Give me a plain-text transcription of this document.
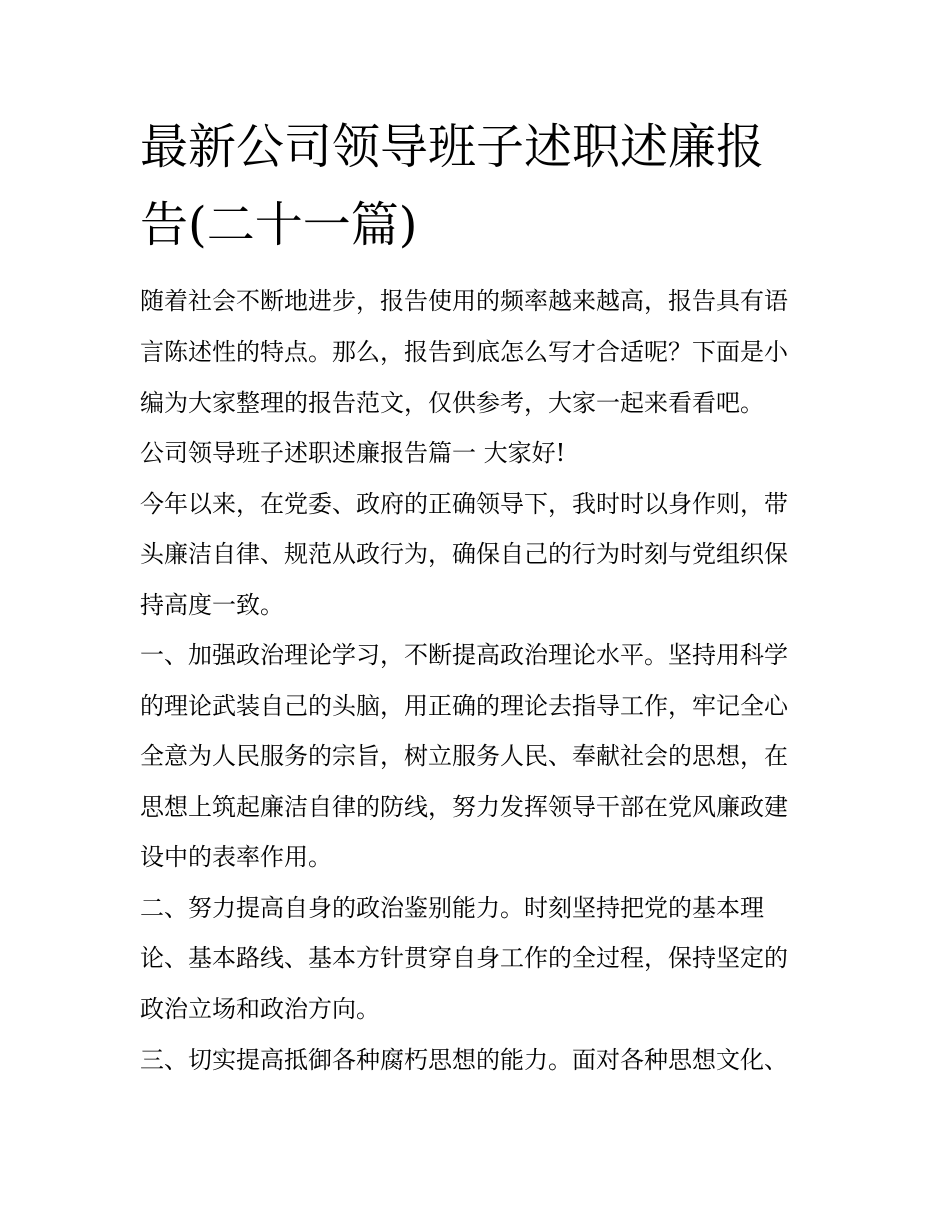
最新公司领导班子述职述廉报
告(二十一篇)

随着社会不断地进步，报告使用的频率越来越高，报告具有语

言陈述性的特点。那么，报告到底怎么写才合适呢？下面是小

编为大家整理的报告范文，仅供参考，大家一起来看看吧。

公司领导班子述职述廉报告篇一 大家好!

今年以来，在党委、政府的正确领导下，我时时以身作则，带

头廉洁自律、规范从政行为，确保自己的行为时刻与党组织保

持高度一致。

一、加强政治理论学习，不断提高政治理论水平。坚持用科学

的理论武装自己的头脑，用正确的理论去指导工作，牢记全心

全意为人民服务的宗旨，树立服务人民、奉献社会的思想，在

思想上筑起廉洁自律的防线，努力发挥领导干部在党风廉政建

设中的表率作用。

二、努力提高自身的政治鉴别能力。时刻坚持把党的基本理

论、基本路线、基本方针贯穿自身工作的全过程，保持坚定的

政治立场和政治方向。

三、切实提高抵御各种腐朽思想的能力。面对各种思想文化、
